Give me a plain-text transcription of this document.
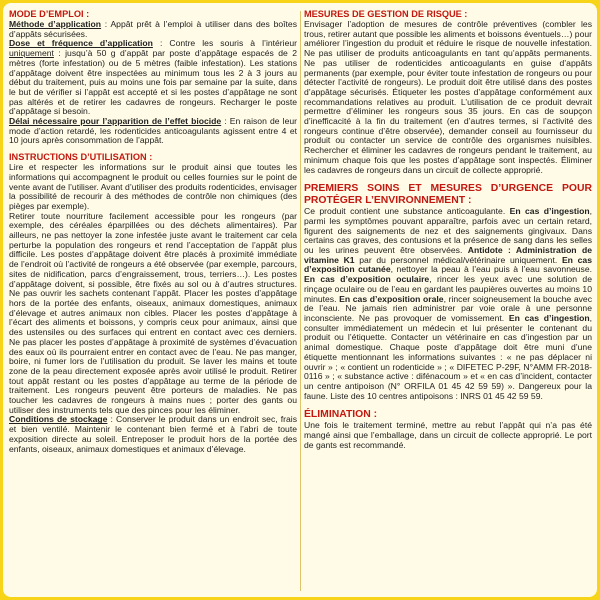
MODE D’EMPLOI :

Méthode d’application : Appât prêt à l’emploi à utiliser dans des boîtes d’appâts sécurisées.

Dose et fréquence d’application : Contre les souris à l’intérieur uniquement : jusqu’à 50 g d’appât par poste d’appâtage espacés de 2 mètres (forte infestation) ou de 5 mètres (faible infestation). Les stations d’appâtage doivent être inspectées au minimum tous les 2 à 3 jours au début du traitement, puis au moins une fois par semaine par la suite, dans le but de vérifier si l’appât est accepté et si les postes d’appâtage ne sont pas altérés et de retirer les cadavres de rongeurs. Recharger le poste d’appâtage si besoin.

Délai nécessaire pour l’apparition de l’effet biocide : En raison de leur mode d’action retardé, les rodenticides anticoagulants agissent entre 4 et 10 jours après consommation de l’appât.

INSTRUCTIONS D’UTILISATION :

Lire et respecter les informations sur le produit ainsi que toutes les informations qui accompagnent le produit ou celles fournies sur le point de vente avant de l’utiliser. Avant d’utiliser des produits rodenticides, envisager la possibilité de recourir à des méthodes de contrôle non chimiques (des pièges par exemple).

Retirer toute nourriture facilement accessible pour les rongeurs (par exemple, des céréales éparpillées ou des déchets alimentaires). Par ailleurs, ne pas nettoyer la zone infestée juste avant le traitement car cela perturbe la population des rongeurs et rend l’acceptation de l’appât plus difficile. Les postes d’appâtage doivent être placés à proximité immédiate de l’endroit où l’activité de rongeurs a été observée (par exemple, parcours, sites de nidification, parcs d’engraissement, trous, terriers…). Les postes d’appâtage doivent, si possible, être fixés au sol ou à d’autres structures. Ne pas ouvrir les sachets contenant l’appât. Placer les postes d’appâtage hors de la portée des enfants, oiseaux, animaux domestiques, animaux d’élevage et autres animaux non cibles. Placer les postes d’appâtage à l’écart des aliments et boissons, y compris ceux pour animaux, ainsi que des ustensiles ou des surfaces qui entrent en contact avec ces derniers. Ne pas placer les postes d’appâtage à proximité de systèmes d’évacuation des eaux où ils pourraient entrer en contact avec de l’eau. Ne pas manger, boire, ni fumer lors de l’utilisation du produit. Se laver les mains et toute zone de la peau directement exposée après avoir utilisé le produit. Retirer tout appât restant ou les postes d’appâtage au terme de la période de traitement. Les rongeurs peuvent être porteurs de maladies. Ne pas toucher les cadavres de rongeurs à mains nues ; porter des gants ou utiliser des instruments tels que des pinces pour les éliminer.

Conditions de stockage : Conserver le produit dans un endroit sec, frais et bien ventilé. Maintenir le contenant bien fermé et à l’abri de toute exposition directe au soleil. Entreposer le produit hors de la portée des enfants, oiseaux, animaux domestiques et animaux d’élevage.

MESURES DE GESTION DE RISQUE :

Envisager l’adoption de mesures de contrôle préventives (combler les trous, retirer autant que possible les aliments et boissons éventuels…) pour améliorer l’ingestion du produit et réduire le risque de nouvelle infestation. Ne pas utiliser de produits anticoagulants en tant qu’appâts permanents. Ne pas utiliser de rodenticides anticoagulants en guise d’appâts permanents (par exemple, pour éviter toute infestation de rongeurs ou pour détecter l’activité de rongeurs). Le produit doit être utilisé dans des postes d’appâtage sécurisés. Étiqueter les postes d’appâtage conformément aux recommandations relatives au produit. L’utilisation de ce produit devrait permettre d’éliminer les rongeurs sous 35 jours. En cas de soupçon d’inefficacité à la fin du traitement (en d’autres termes, si l’activité des rongeurs continue d’être observée), demander conseil au fournisseur du produit ou contacter un service de contrôle des organismes nuisibles. Rechercher et éliminer les cadavres de rongeurs pendant le traitement, au minimum chaque fois que les postes d’appâtage sont inspectés. Éliminer les cadavres de rongeurs dans un circuit de collecte approprié.

PREMIERS SOINS ET MESURES D’URGENCE POUR PROTÉGER L’ENVIRONNEMENT :

Ce produit contient une substance anticoagulante. En cas d’ingestion, parmi les symptômes pouvant apparaître, parfois avec un certain retard, figurent des saignements de nez et des saignements gingivaux. Dans certains cas graves, des contusions et la présence de sang dans les selles ou les urines peuvent être observées. Antidote : Administration de vitamine K1 par du personnel médical/vétérinaire uniquement. En cas d’exposition cutanée, nettoyer la peau à l’eau puis à l’eau savonneuse. En cas d’exposition oculaire, rincer les yeux avec une solution de rinçage oculaire ou de l’eau en gardant les paupières ouvertes au moins 10 minutes. En cas d’exposition orale, rincer soigneusement la bouche avec de l’eau. Ne jamais rien administrer par voie orale à une personne inconsciente. Ne pas provoquer de vomissement. En cas d’ingestion, consulter immédiatement un médecin et lui présenter le contenant du produit ou l’étiquette. Contacter un vétérinaire en cas d’ingestion par un animal domestique. Chaque poste d’appâtage doit être muni d’une étiquette mentionnant les informations suivantes : « ne pas déplacer ni ouvrir » ; « contient un rodenticide » ; « DIFETEC P-29F, N°AMM FR-2018-0116 » ; « substance active : difénacoum » et « en cas d’incident, contacter un centre antipoison (N° ORFILA 01 45 42 59 59) ». Dangereux pour la faune. Liste des 10 centres antipoisons : INRS 01 45 42 59 59.

ÉLIMINATION :

Une fois le traitement terminé, mettre au rebut l’appât qui n’a pas été mangé ainsi que l’emballage, dans un circuit de collecte approprié. Le port de gants est recommandé.
